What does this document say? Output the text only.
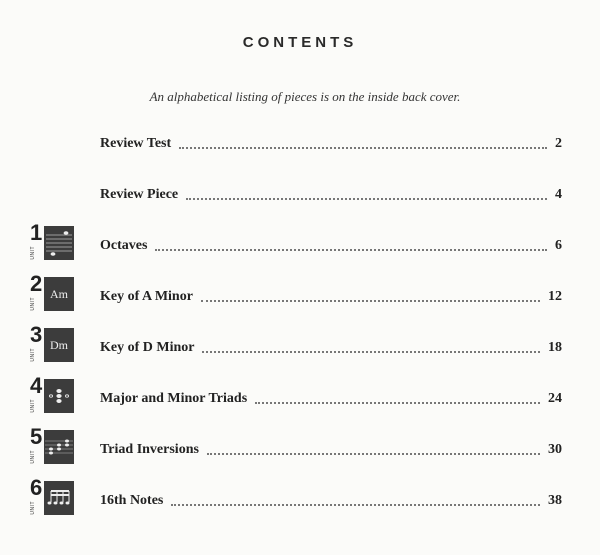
CONTENTS
An alphabetical listing of pieces is on the inside back cover.
Review Test	2
Review Piece	4
1
UNIT	Octaves	6
2
UNIT
Am Key of A Minor	12
3
UNIT
Dm Key of D Minor	18
4
UNIT	Major and Minor Triads	24
5
UNIT	Triad Inversions	30
6
UNIT	16th Notes	38
